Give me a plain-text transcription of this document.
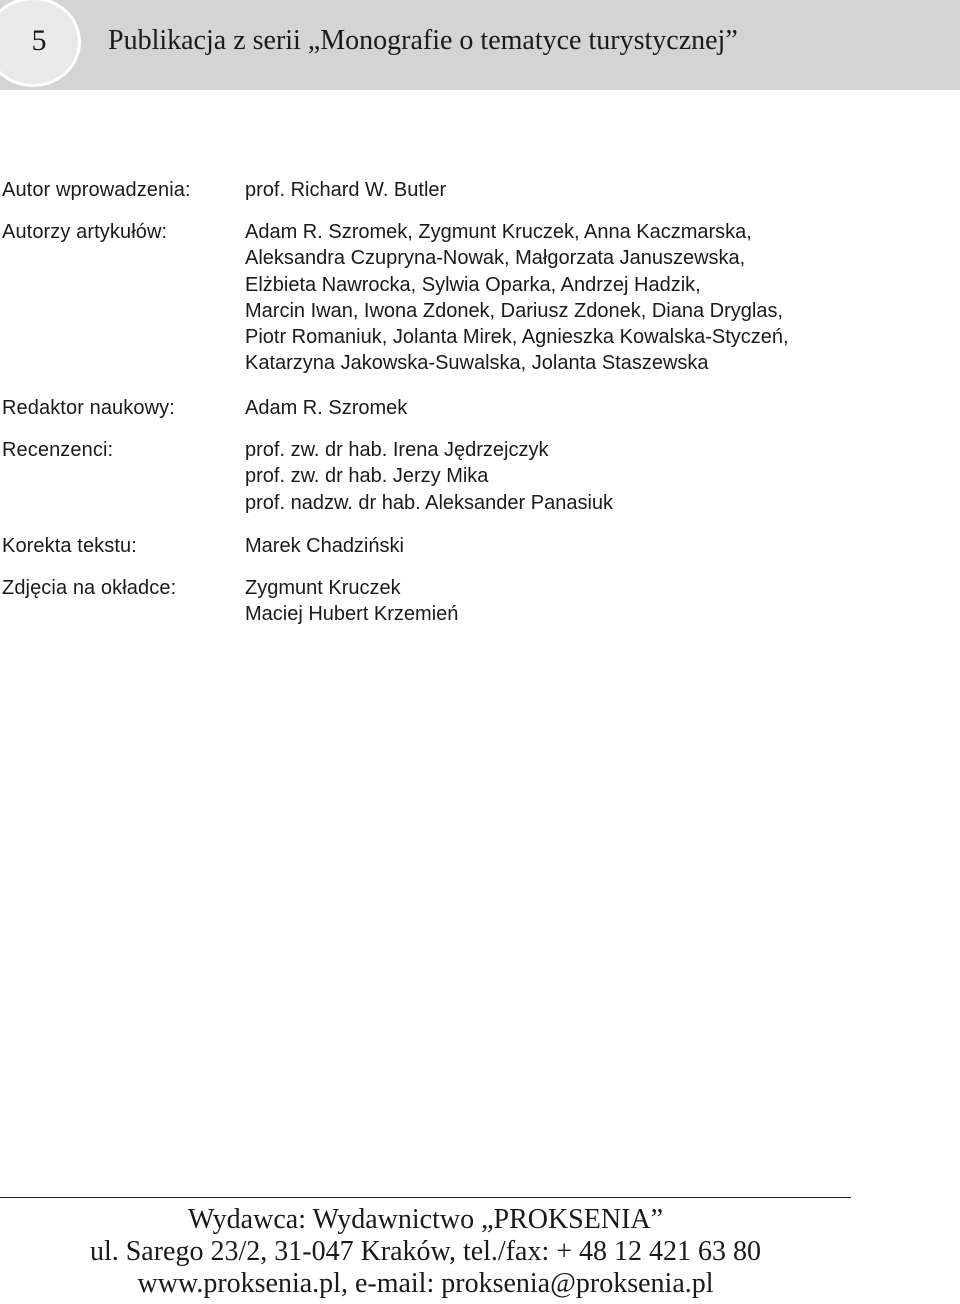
5	Publikacja z serii „Monografie o tematyce turystycznej”
Autor wprowadzenia:	prof. Richard W. Butler
Autorzy artykułów:	Adam R. Szromek, Zygmunt Kruczek, Anna Kaczmarska,
Aleksandra Czupryna-Nowak, Małgorzata Januszewska,
Elżbieta Nawrocka, Sylwia Oparka, Andrzej Hadzik,
Marcin Iwan, Iwona Zdonek, Dariusz Zdonek, Diana Dryglas,
Piotr Romaniuk, Jolanta Mirek, Agnieszka Kowalska-Styczeń,
Katarzyna Jakowska-Suwalska, Jolanta Staszewska
Redaktor naukowy:	Adam R. Szromek
Recenzenci:	prof. zw. dr hab. Irena Jędrzejczyk
prof. zw. dr hab. Jerzy Mika
prof. nadzw. dr hab. Aleksander Panasiuk
Korekta tekstu:	Marek Chadziński
Zdjęcia na okładce:	Zygmunt Kruczek
Maciej Hubert Krzemień
Wydawca: Wydawnictwo „PROKSENIA”
ul. Sarego 23/2, 31-047 Kraków, tel./fax: + 48 12 421 63 80
www.proksenia.pl, e-mail: proksenia@proksenia.pl
